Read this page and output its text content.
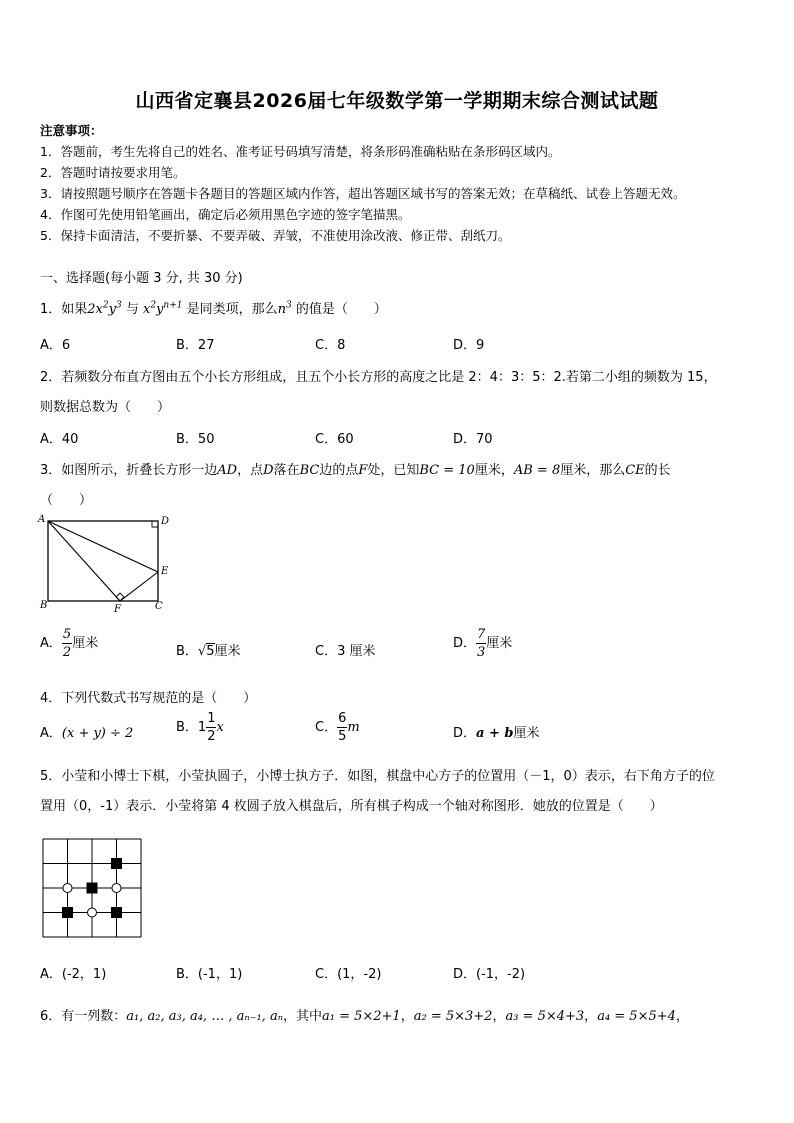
山西省定襄县2026届七年级数学第一学期期末综合测试试题
注意事项：
1．答题前，考生先将自己的姓名、准考证号码填写清楚，将条形码准确粘贴在条形码区域内。
2．答题时请按要求用笔。
3．请按照题号顺序在答题卡各题目的答题区域内作答，超出答题区域书写的答案无效；在草稿纸、试卷上答题无效。
4．作图可先使用铅笔画出，确定后必须用黑色字迹的签字笔描黑。
5．保持卡面清洁，不要折暴、不要弄破、弄皱，不准使用涂改液、修正带、刮纸刀。
一、选择题(每小题 3 分, 共 30 分)
1．如果$2x^2y^3$ 与 $x^2y^{n+1}$ 是同类项，那么$n^3$ 的值是（　　）
A．6	B．27	C．8	D．9
2．若频数分布直方图由五个小长方形组成，且五个小长方形的高度之比是 2：4：3：5：2.若第二小组的频数为 15，
则数据总数为（　　）
A．40	B．50	C．60	D．70
3．如图所示，折叠长方形一边AD，点D落在BC边的点F处，已知BC = 10厘米，AB = 8厘米，那么CE的长
（　　）
A	D
E
B	F	C
A． $\frac{5}{2}$ 厘米
B．√5厘米	C．3 厘米
D． $\frac{7}{3}$ 厘米
4．下列代数式书写规范的是（　　）
A．(x + y) ÷ 2	B．$1 \frac{1}{2}$ x	C． $\frac{6}{5}$ m	D．a + b厘米
5．小莹和小博士下棋，小莹执圆子，小博士执方子．如图，棋盘中心方子的位置用（－1，0）表示，右下角方子的位
置用（0，-1）表示．小莹将第 4 枚圆子放入棋盘后，所有棋子构成一个轴对称图形．她放的位置是（　　）
A．(-2，1)	B．(-1，1)	C．(1，-2)	D．(-1，-2)
6．有一列数：a₁, a₂, a₃, a₄, … , aₙ₋₁, aₙ，其中a₁ = 5×2+1，a₂ = 5×3+2，a₃ = 5×4+3，a₄ = 5×5+4，
